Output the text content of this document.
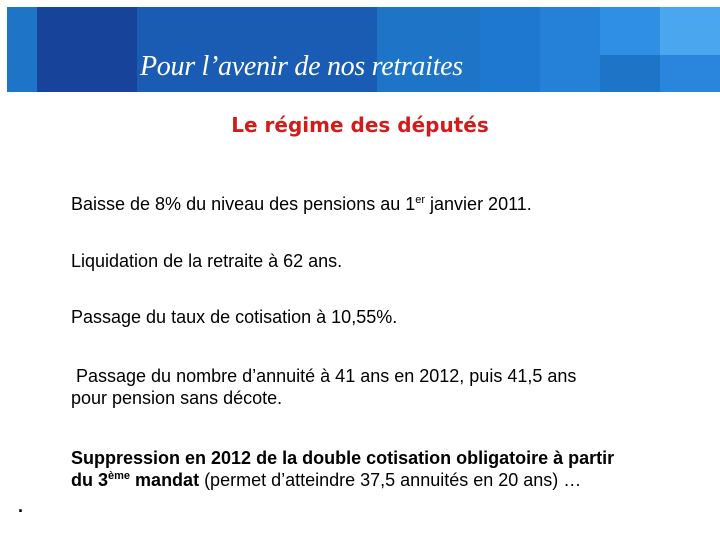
Pour l’avenir de nos retraites
Le régime des députés
Baisse de 8% du niveau des pensions au 1er janvier 2011.
Liquidation de la retraite à 62 ans.
Passage du taux de cotisation à 10,55%.
Passage du nombre d’annuité à 41 ans en 2012, puis 41,5 ans
pour pension sans décote.
Suppression en 2012 de la double cotisation obligatoire à partir
du 3ème mandat (permet d’atteindre 37,5 annuités en 20 ans) …
.
